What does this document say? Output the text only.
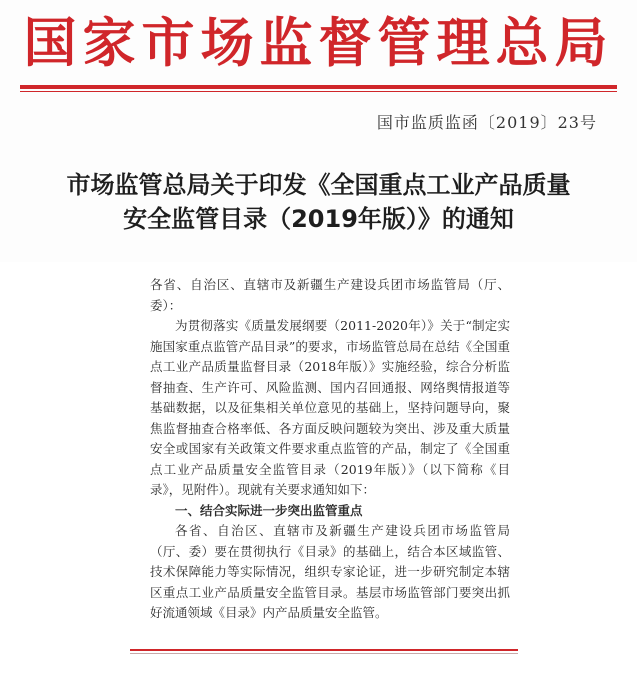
国家市场监督管理总局
国市监质监函〔2019〕23号
市场监管总局关于印发《全国重点工业产品质量
安全监管目录（2019年版）》的通知

各省、自治区、直辖市及新疆生产建设兵团市场监管局（厅、委）：

为贯彻落实《质量发展纲要（2011-2020年）》关于“制定实施国家重点监管产品目录”的要求，市场监管总局在总结《全国重点工业产品质量监督目录（2018年版）》实施经验，综合分析监督抽查、生产许可、风险监测、国内召回通报、网络舆情报道等基础数据，以及征集相关单位意见的基础上，坚持问题导向，聚焦监督抽查合格率低、各方面反映问题较为突出、涉及重大质量安全或国家有关政策文件要求重点监管的产品，制定了《全国重点工业产品质量安全监管目录（2019年版）》（以下简称《目录》，见附件）。现就有关要求通知如下：

一、结合实际进一步突出监管重点

各省、自治区、直辖市及新疆生产建设兵团市场监管局（厅、委）要在贯彻执行《目录》的基础上，结合本区域监管、技术保障能力等实际情况，组织专家论证，进一步研究制定本辖区重点工业产品质量安全监管目录。基层市场监管部门要突出抓好流通领域《目录》内产品质量安全监管。
